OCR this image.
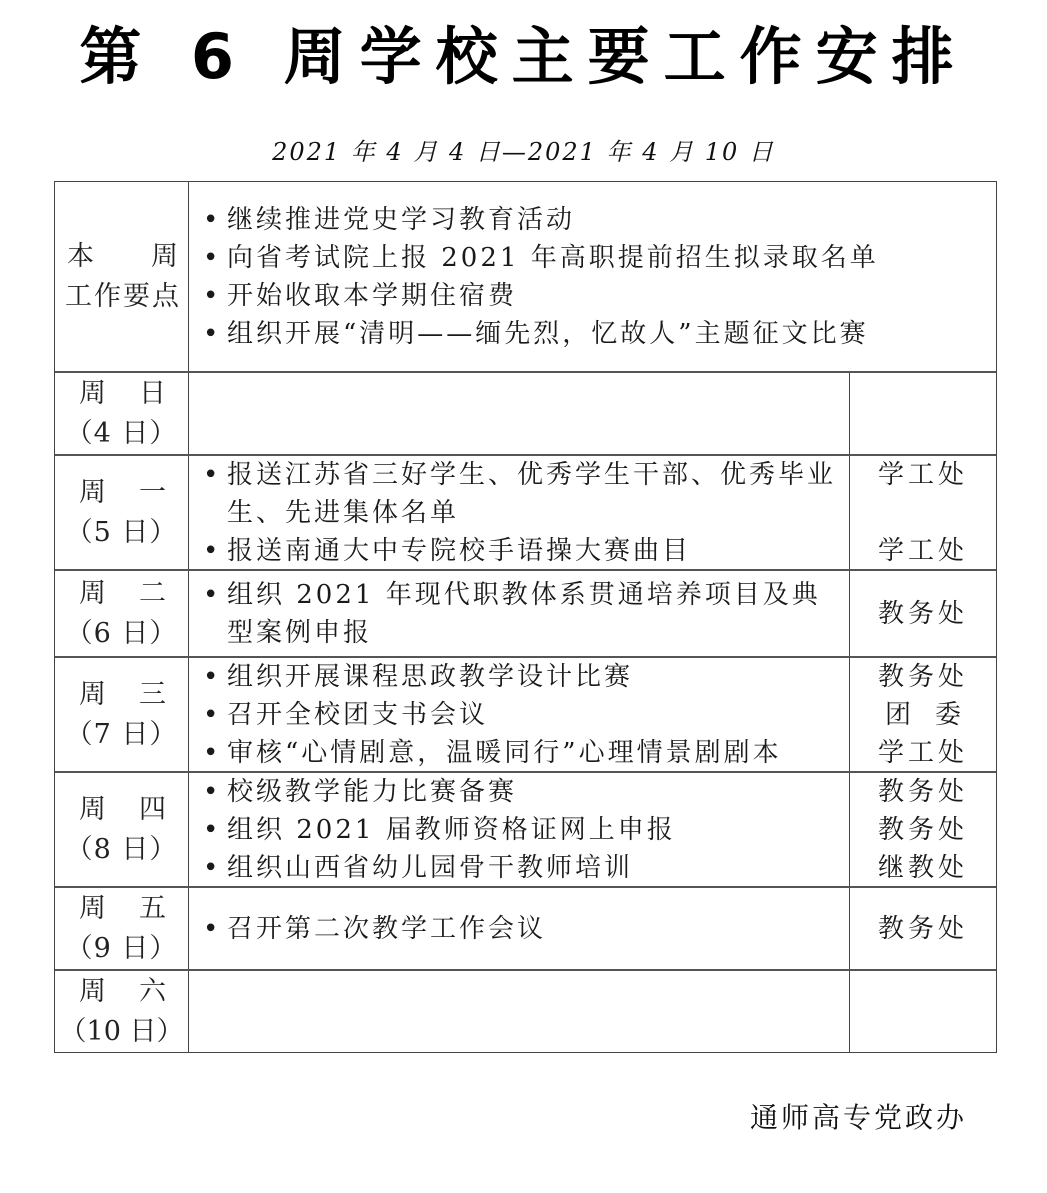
第 6 周学校主要工作安排
2021 年 4 月 4 日—2021 年 4 月 10 日
本 周
工作要点
• 继续推进党史学习教育活动
• 向省考试院上报 2021 年高职提前招生拟录取名单
• 开始收取本学期住宿费
• 组织开展“清明——缅先烈，忆故人”主题征文比赛
周 日
（4 日）
周 一
（5 日）
• 报送江苏省三好学生、优秀学生干部、优秀毕业生、先进集体名单
• 报送南通大中专院校手语操大赛曲目
学工处
学工处
周 二
（6 日）
• 组织 2021 年现代职教体系贯通培养项目及典型案例申报
教务处
周 三
（7 日）
• 组织开展课程思政教学设计比赛
• 召开全校团支书会议
• 审核“心情剧意，温暖同行”心理情景剧剧本
教务处
团委
学工处
周 四
（8 日）
• 校级教学能力比赛备赛
• 组织 2021 届教师资格证网上申报
• 组织山西省幼儿园骨干教师培训
教务处
教务处
继教处
周 五
（9 日）
• 召开第二次教学工作会议	教务处
周 六
（10 日）
通师高专党政办
